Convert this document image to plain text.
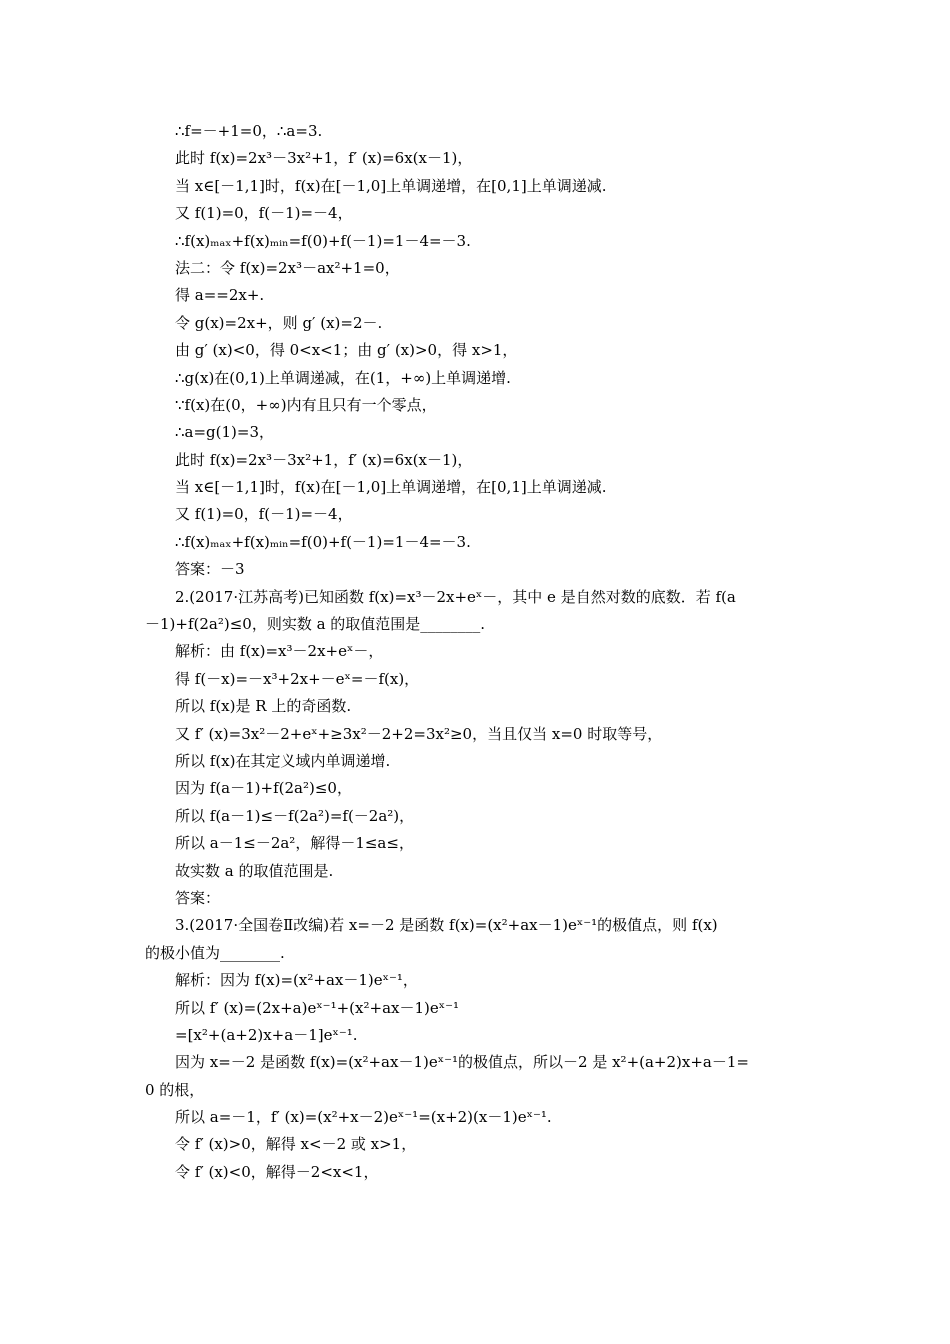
∴f=－+1=0，∴a=3.
此时 f(x)=2x³－3x²+1，f′ (x)=6x(x－1)，
当 x∈[－1,1]时，f(x)在[－1,0]上单调递增，在[0,1]上单调递减.
又 f(1)=0，f(－1)=－4，
∴f(x)ₘₐₓ+f(x)ₘᵢₙ=f(0)+f(－1)=1－4=－3.
法二：令 f(x)=2x³－ax²+1=0，
得 a==2x+.
令 g(x)=2x+，则 g′ (x)=2－.
由 g′ (x)<0，得 0<x<1；由 g′ (x)>0，得 x>1，
∴g(x)在(0,1)上单调递减，在(1，+∞)上单调递增.
∵f(x)在(0，+∞)内有且只有一个零点，
∴a=g(1)=3，
此时 f(x)=2x³－3x²+1，f′ (x)=6x(x－1)，
当 x∈[－1,1]时，f(x)在[－1,0]上单调递增，在[0,1]上单调递减.
又 f(1)=0，f(－1)=－4，
∴f(x)ₘₐₓ+f(x)ₘᵢₙ=f(0)+f(－1)=1－4=－3.
答案：－3
2.(2017·江苏高考)已知函数 f(x)=x³－2x+eˣ－，其中 e 是自然对数的底数．若 f(a
－1)+f(2a²)≤0，则实数 a 的取值范围是________.
解析：由 f(x)=x³－2x+eˣ－，
得 f(－x)=－x³+2x+－eˣ=－f(x)，
所以 f(x)是 R 上的奇函数.
又 f′ (x)=3x²－2+eˣ+≥3x²－2+2=3x²≥0，当且仅当 x=0 时取等号，
所以 f(x)在其定义域内单调递增.
因为 f(a－1)+f(2a²)≤0，
所以 f(a－1)≤－f(2a²)=f(－2a²)，
所以 a－1≤－2a²，解得－1≤a≤，
故实数 a 的取值范围是.
答案：
3.(2017·全国卷Ⅱ改编)若 x=－2 是函数 f(x)=(x²+ax－1)eˣ⁻¹的极值点，则 f(x)
的极小值为________.
解析：因为 f(x)=(x²+ax－1)eˣ⁻¹，
所以 f′ (x)=(2x+a)eˣ⁻¹+(x²+ax－1)eˣ⁻¹
=[x²+(a+2)x+a－1]eˣ⁻¹.
因为 x=－2 是函数 f(x)=(x²+ax－1)eˣ⁻¹的极值点，所以－2 是 x²+(a+2)x+a－1=
0 的根，
所以 a=－1，f′ (x)=(x²+x－2)eˣ⁻¹=(x+2)(x－1)eˣ⁻¹.
令 f′ (x)>0，解得 x<－2 或 x>1，
令 f′ (x)<0，解得－2<x<1，
